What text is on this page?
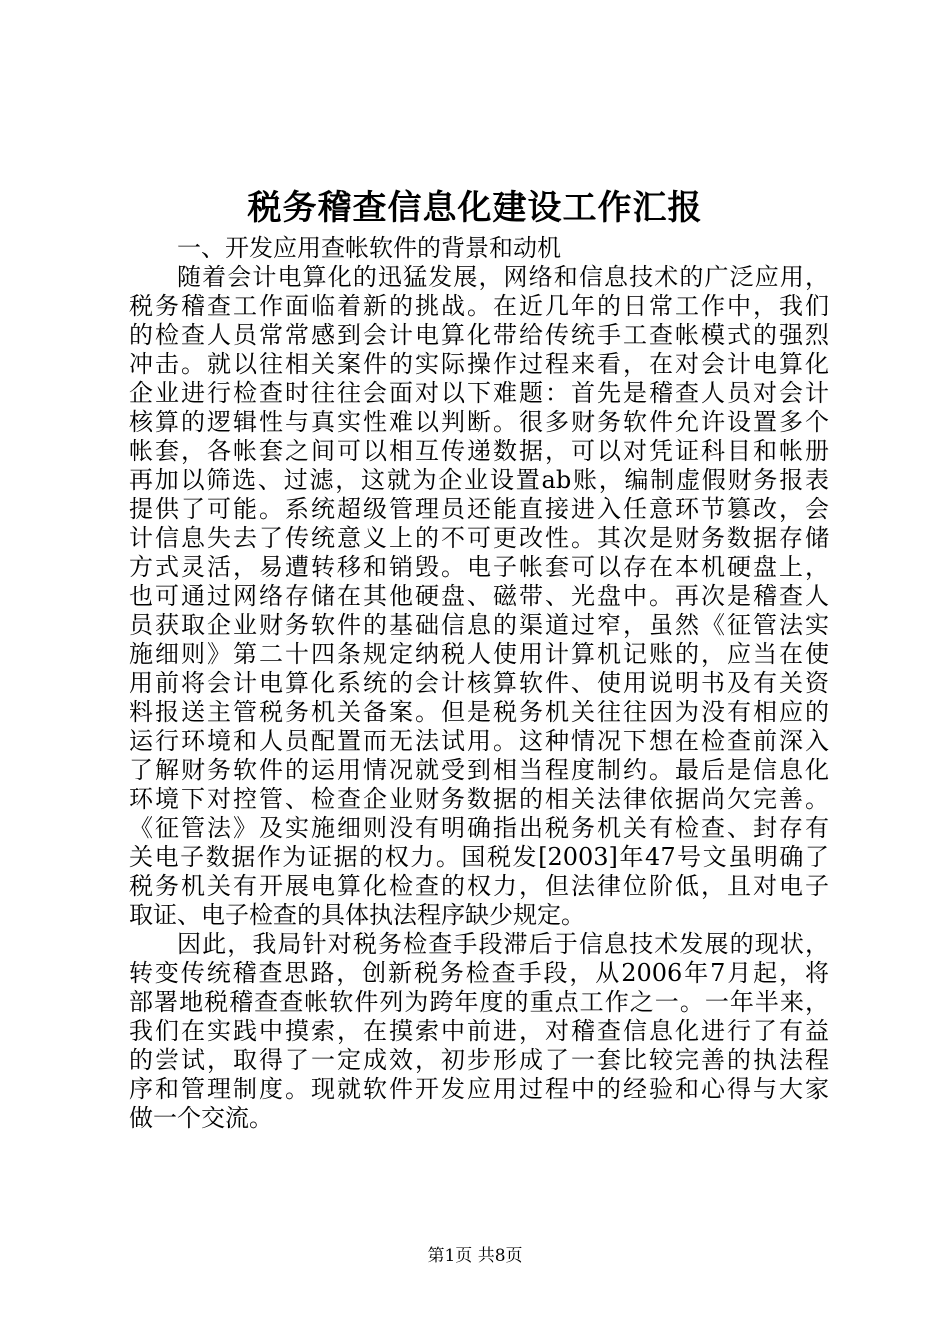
税务稽查信息化建设工作汇报
一、开发应用查帐软件的背景和动机
随着会计电算化的迅猛发展，网络和信息技术的广泛应用，
税务稽查工作面临着新的挑战。在近几年的日常工作中，我们
的检查人员常常感到会计电算化带给传统手工查帐模式的强烈
冲击。就以往相关案件的实际操作过程来看，在对会计电算化
企业进行检查时往往会面对以下难题：首先是稽查人员对会计
核算的逻辑性与真实性难以判断。很多财务软件允许设置多个
帐套，各帐套之间可以相互传递数据，可以对凭证科目和帐册
再加以筛选、过滤，这就为企业设置ab账，编制虚假财务报表
提供了可能。系统超级管理员还能直接进入任意环节篡改，会
计信息失去了传统意义上的不可更改性。其次是财务数据存储
方式灵活，易遭转移和销毁。电子帐套可以存在本机硬盘上，
也可通过网络存储在其他硬盘、磁带、光盘中。再次是稽查人
员获取企业财务软件的基础信息的渠道过窄，虽然《征管法实
施细则》第二十四条规定纳税人使用计算机记账的，应当在使
用前将会计电算化系统的会计核算软件、使用说明书及有关资
料报送主管税务机关备案。但是税务机关往往因为没有相应的
运行环境和人员配置而无法试用。这种情况下想在检查前深入
了解财务软件的运用情况就受到相当程度制约。最后是信息化
环境下对控管、检查企业财务数据的相关法律依据尚欠完善。
《征管法》及实施细则没有明确指出税务机关有检查、封存有
关电子数据作为证据的权力。国税发[2003]年47号文虽明确了
税务机关有开展电算化检查的权力，但法律位阶低，且对电子
取证、电子检查的具体执法程序缺少规定。
因此，我局针对税务检查手段滞后于信息技术发展的现状，
转变传统稽查思路，创新税务检查手段，从2006年7月起，将
部署地税稽查查帐软件列为跨年度的重点工作之一。一年半来，
我们在实践中摸索，在摸索中前进，对稽查信息化进行了有益
的尝试，取得了一定成效，初步形成了一套比较完善的执法程
序和管理制度。现就软件开发应用过程中的经验和心得与大家
做一个交流。
第1页 共8页
